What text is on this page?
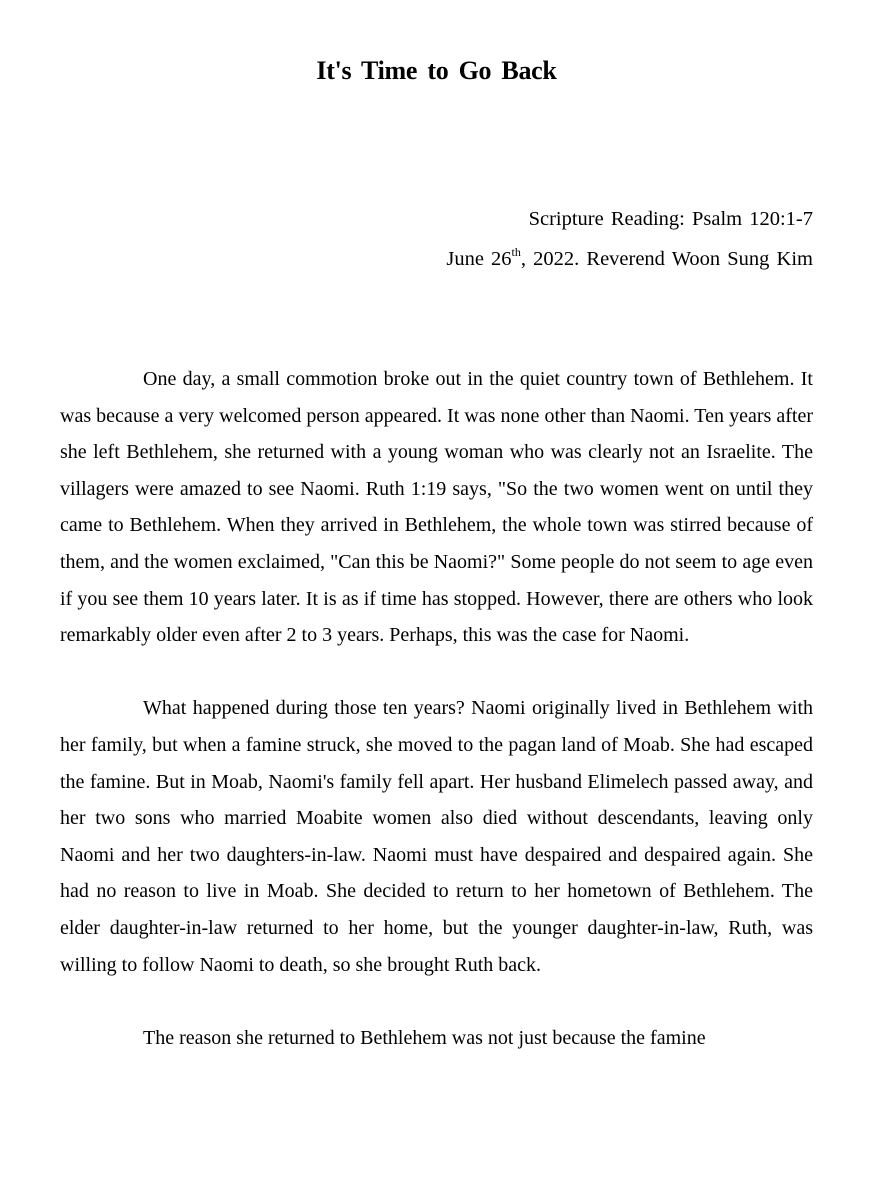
It's Time to Go Back
Scripture Reading: Psalm 120:1-7
June 26th, 2022. Reverend Woon Sung Kim

One day, a small commotion broke out in the quiet country town of Bethlehem. It was because a very welcomed person appeared. It was none other than Naomi. Ten years after she left Bethlehem, she returned with a young woman who was clearly not an Israelite. The villagers were amazed to see Naomi. Ruth 1:19 says, "So the two women went on until they came to Bethlehem. When they arrived in Bethlehem, the whole town was stirred because of them, and the women exclaimed, "Can this be Naomi?" Some people do not seem to age even if you see them 10 years later. It is as if time has stopped. However, there are others who look remarkably older even after 2 to 3 years. Perhaps, this was the case for Naomi.

What happened during those ten years? Naomi originally lived in Bethlehem with her family, but when a famine struck, she moved to the pagan land of Moab. She had escaped the famine. But in Moab, Naomi's family fell apart. Her husband Elimelech passed away, and her two sons who married Moabite women also died without descendants, leaving only Naomi and her two daughters-in-law. Naomi must have despaired and despaired again. She had no reason to live in Moab. She decided to return to her hometown of Bethlehem. The elder daughter-in-law returned to her home, but the younger daughter-in-law, Ruth, was willing to follow Naomi to death, so she brought Ruth back.

The reason she returned to Bethlehem was not just because the famine
